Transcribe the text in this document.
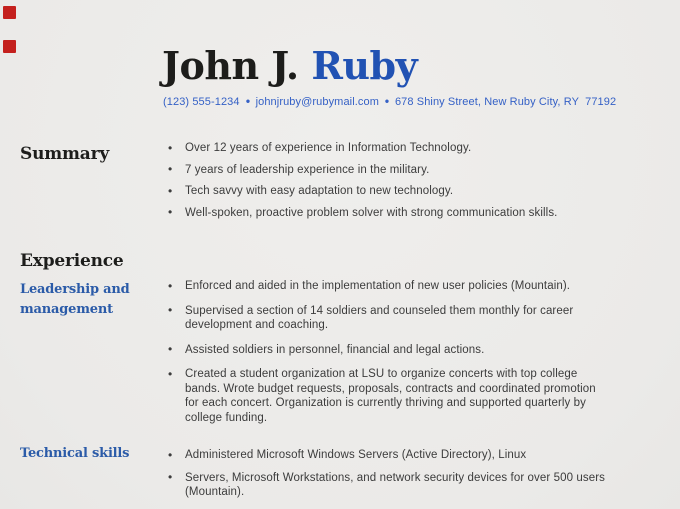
John J. Ruby
(123) 555-1234 • johnjruby@rubymail.com • 678 Shiny Street, New Ruby City, RY  77192
Summary	• Over 12 years of experience in Information Technology.
• 7 years of leadership experience in the military.
• Tech savvy with easy adaptation to new technology.
• Well-spoken, proactive problem solver with strong communication skills.
Experience
Leadership and management
• Enforced and aided in the implementation of new user policies (Mountain).
• Supervised a section of 14 soldiers and counseled them monthly for career development and coaching.
• Assisted soldiers in personnel, financial and legal actions.
• Created a student organization at LSU to organize concerts with top college bands. Wrote budget requests, proposals, contracts and coordinated promotion for each concert. Organization is currently thriving and supported quarterly by college funding.
Technical skills	• Administered Microsoft Windows Servers (Active Directory), Linux
• Servers, Microsoft Workstations, and network security devices for over 500 users (Mountain).
